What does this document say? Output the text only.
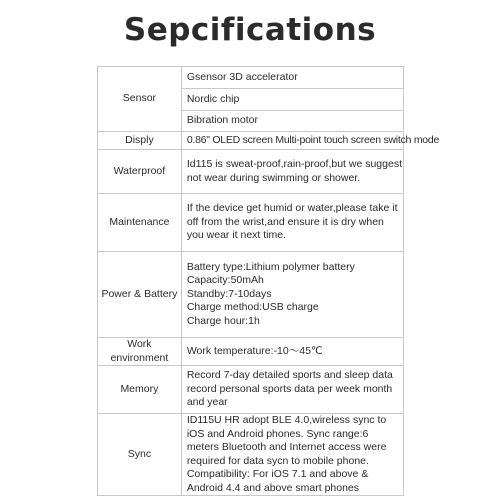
Sepcifications
Sensor	Gsensor 3D accelerator
	Nordic chip
	Bibration motor
Disply	0.86" OLED screen Multi-point touch screen switch mode
Waterproof	Id115 is sweat-proof,rain-proof,but we suggest not wear during swimming or shower.
Maintenance	If the device get humid or water,please take it off from the wrist,and ensure it is dry when you wear it next time.
Power & Battery	Battery type:Lithium polymer battery
Capacity:50mAh
Standby:7-10days
Charge method:USB charge
Charge hour:1h
Work environment	Work temperature:-10～45℃
Memory	Record 7-day detailed sports and sleep data record personal sports data per week month and year
Sync	ID115U HR adopt BLE 4.0,wireless sync to iOS and Android phones. Sync range:6 meters Bluetooth and Internet access were required for data sycn to mobile phone. Compatibility: For iOS 7.1 and above & Android 4.4 and above smart phones
